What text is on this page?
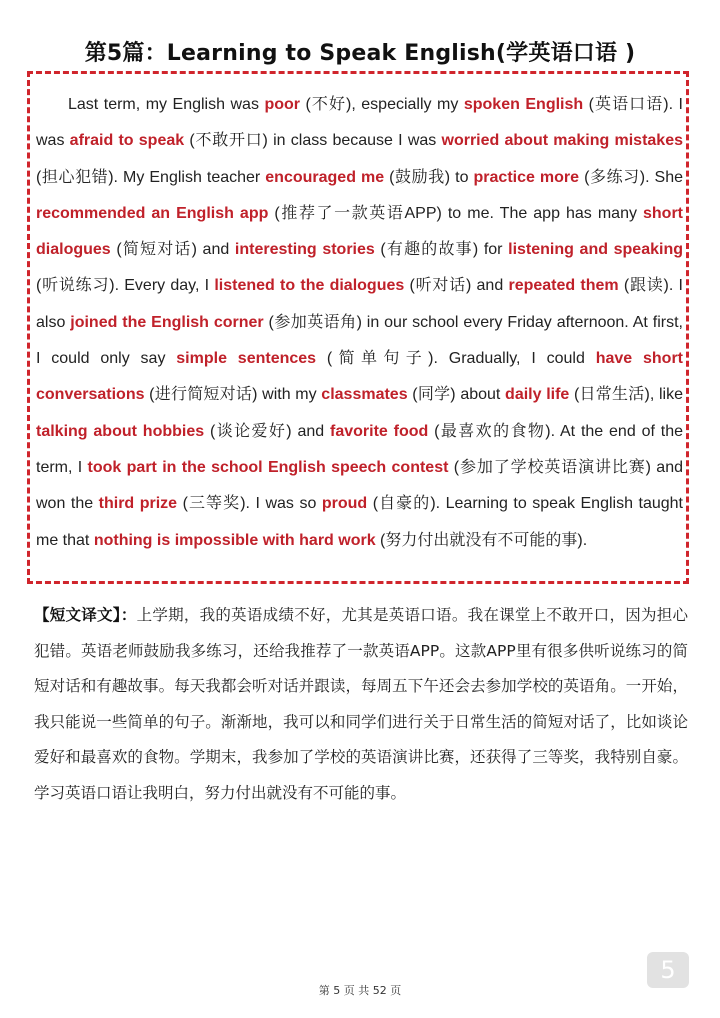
第5篇：Learning to Speak English(学英语口语 )
Last term, my English was poor (不好), especially my spoken English (英语口语). I was afraid to speak (不敢开口) in class because I was worried about making mistakes (担心犯错). My English teacher encouraged me (鼓励我) to practice more (多练习). She recommended an English app (推荐了一款英语APP) to me. The app has many short dialogues (简短对话) and interesting stories (有趣的故事) for listening and speaking (听说练习). Every day, I listened to the dialogues (听对话) and repeated them (跟读). I also joined the English corner (参加英语角) in our school every Friday afternoon. At first, I could only say simple sentences (简单句子). Gradually, I could have short conversations (进行简短对话) with my classmates (同学) about daily life (日常生活), like talking about hobbies (谈论爱好) and favorite food (最喜欢的食物). At the end of the term, I took part in the school English speech contest (参加了学校英语演讲比赛) and won the third prize (三等奖). I was so proud (自豪的). Learning to speak English taught me that nothing is impossible with hard work (努力付出就没有不可能的事).
【短文译文】：上学期，我的英语成绩不好，尤其是英语口语。我在课堂上不敢开口，因为担心犯错。英语老师鼓励我多练习，还给我推荐了一款英语APP。这款APP里有很多供听说练习的简短对话和有趣故事。每天我都会听对话并跟读，每周五下午还会去参加学校的英语角。一开始，我只能说一些简单的句子。渐渐地，我可以和同学们进行关于日常生活的简短对话了，比如谈论爱好和最喜欢的食物。学期末，我参加了学校的英语演讲比赛，还获得了三等奖，我特别自豪。学习英语口语让我明白，努力付出就没有不可能的事。
5
第 5 页 共 52 页
